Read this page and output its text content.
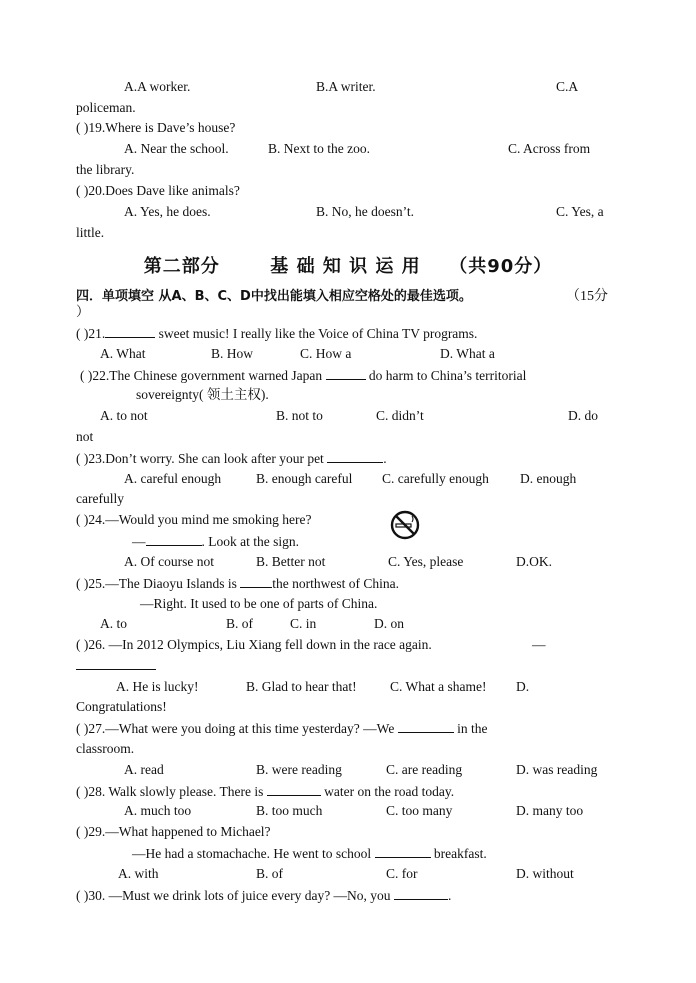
A.A worker.	B.A writer.	C.A
policeman.
( )19.Where is Dave’s house?
A. Near the school.	B. Next to the zoo.	C. Across from
the library.
( )20.Does Dave like animals?
A. Yes, he does.	B. No, he doesn’t.	C. Yes, a
little.
第二部分	基 础 知 识 运 用 （共90分）
四．单项填空 从A、B、C、D中找出能填入相应空格处的最佳选项。	（15分
）
( )21.	sweet music! I really like the Voice of China TV programs.
A. What	B. How	C. How a	D. What a
( )22.The Chinese government warned Japan	do harm to China’s territorial
sovereignty( 领土主权).
A. to not	B. not to	C. didn’t	D. do
not
( )23.Don’t worry. She can look after your pet	.
A. careful enough	B. enough careful C. carefully enough D. enough
carefully
( )24.—Would you mind me smoking here?
—	. Look at the sign.
A. Of course not	B. Better not	C. Yes, please	D.OK.
( )25.—The Diaoyu Islands is	the northwest of China.
—Right. It used to be one of parts of China.
A. to	B. of	C. in	D. on
( )26. —In 2012 Olympics, Liu Xiang fell down in the race again.	—
A. He is lucky!	B. Glad to hear that! C. What a shame! D.
Congratulations!
( )27.—What were you doing at this time yesterday? —We	in the
classroom.
A. read	B. were reading	C. are reading	D. was reading
( )28. Walk slowly please. There is	water on the road today.
A. much too	B. too much	C. too many	D. many too
( )29.—What happened to Michael?
—He had a stomachache. He went to school	breakfast.
A. with	B. of	C. for	D. without
( )30. —Must we drink lots of juice every day? —No, you	.
